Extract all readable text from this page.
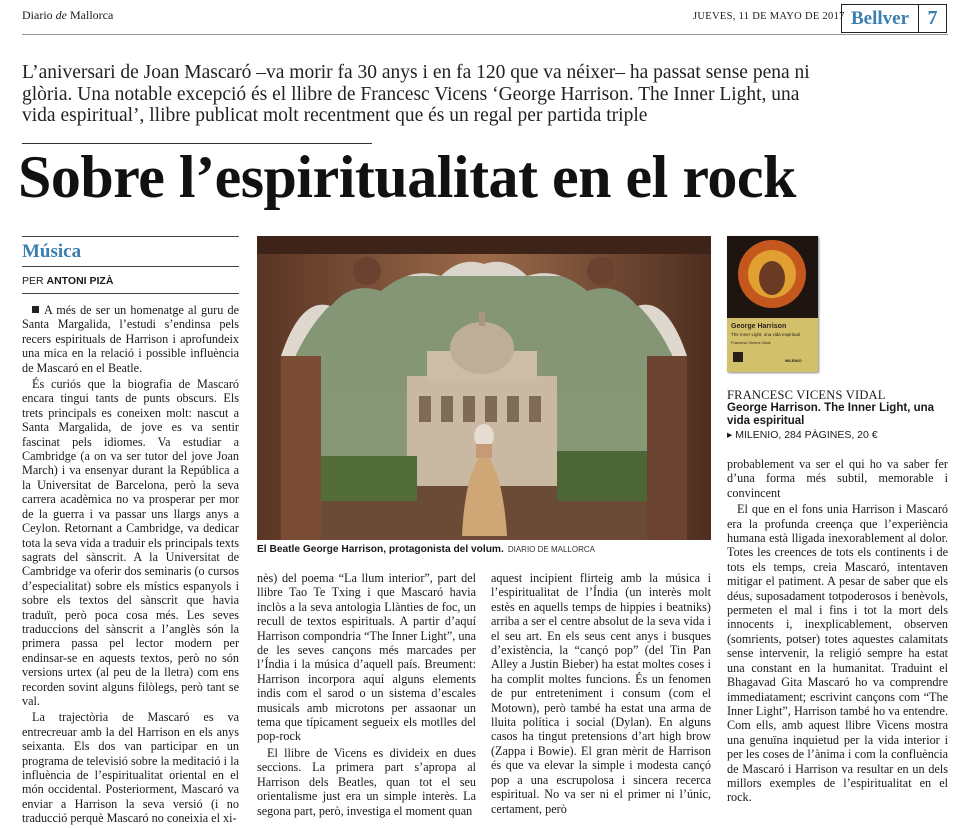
Diario de Mallorca	JUEVES, 11 DE MAYO DE 2017 Bellver 7
L’aniversari de Joan Mascaró –va morir fa 30 anys i en fa 120 que va néixer– ha passat sense pena ni glòria. Una notable excepció és el llibre de Francesc Vicens ‘George Harrison. The Inner Light, una vida espiritual’, llibre publicat molt recentment que és un regal per partida triple
Sobre l’espiritualitat en el rock
Música
PER ANTONI PIZÀ

A més de ser un homenatge al guru de Santa Margalida, l’estudi s’endinsa pels recers espirituals de Harrison i aprofundeix una mica en la relació i possible influència de Mascaró en el Beatle.

És curiós que la biografia de Mascaró encara tingui tants de punts obscurs. Els trets principals es coneixen molt: nascut a Santa Margalida, de jove es va sentir fascinat pels idiomes. Va estudiar a Cambridge (a on va ser tutor del jove Joan March) i va ensenyar durant la República a la Universitat de Barcelona, però la seva carrera acadèmica no va prosperar per mor de la guerra i va passar uns llargs anys a Ceylon. Retornant a Cambridge, va dedicar tota la seva vida a traduir els principals texts sagrats del sànscrit. A la Universitat de Cambridge va oferir dos seminaris (o cursos d’especialitat) sobre els místics espanyols i sobre els textos del sànscrit que havia traduït, però poca cosa més. Les seves traduccions del sànscrit a l’anglès són la primera passa pel lector modern per endinsar-se en aquests textos, però no són versions urtex (al peu de la lletra) com ens recorden sovint alguns filòlegs, però tant se val.

La trajectòria de Mascaró es va entrecreuar amb la del Harrison en els anys seixanta. Els dos van participar en un programa de televisió sobre la meditació i la influència de l’espiritualitat oriental en el món occidental. Posteriorment, Mascaró va enviar a Harrison la seva versió (i no traducció perquè Mascaró no coneixia el xi-

El Beatle George Harrison, protagonista del volum. DIARIO DE MALLORCA

nès) del poema “La llum interior”, part del llibre Tao Te Txing i que Mascaró havia inclòs a la seva antologia Llànties de foc, un recull de textos espirituals. A partir d’aquí Harrison compondria “The Inner Light”, una de les seves cançons més marcades per l’Índia i la música d’aquell país. Breument: Harrison incorpora aquí alguns elements indis com el sarod o un sistema d’escales musicals amb microtons per assaonar un tema que típicament segueix els motlles del pop-rock

El llibre de Vicens es divideix en dues seccions. La primera part s’apropa al Harrison dels Beatles, quan tot el seu orientalisme just era un simple interès. La segona part, però, investiga el moment quan

aquest incipient flirteig amb la música i l’espiritualitat de l’Índia (un interès molt estès en aquells temps de hippies i beatniks) arriba a ser el centre absolut de la seva vida i el seu art. En els seus cent anys i busques d’existència, la “cançó pop” (del Tin Pan Alley a Justin Bieber) ha estat moltes coses i ha complit moltes funcions. És un fenomen de pur entreteniment i consum (com el Motown), però també ha estat una arma de lluita política i social (Dylan). En alguns casos ha tingut pretensions d’art high brow (Zappa i Bowie). El gran mèrit de Harrison és que va elevar la simple i modesta cançó pop a una escrupolosa i sincera recerca espiritual. No va ser ni el primer ni l’únic, certament, però

George Harrison
The Inner Light, una vida espiritual
Francesc Vicens Vidal
MILENIO
FRANCESC VICENS VIDAL
George Harrison. The Inner Light, una vida espiritual
▸ MILENIO, 284 PÀGINES, 20 €

probablement va ser el qui ho va saber fer d’una forma més subtil, memorable i convincent

El que en el fons unia Harrison i Mascaró era la profunda creença que l’experiència humana està lligada inexorablement al dolor. Totes les creences de tots els continents i de tots els temps, creia Mascaró, intentaven mitigar el patiment. A pesar de saber que els déus, suposadament totpoderosos i benèvols, permeten el mal i fins i tot la mort dels innocents i, inexplicablement, observen (somrients, potser) totes aquestes calamitats sense intervenir, la religió sempre ha estat una constant en la humanitat. Traduint el Bhagavad Gita Mascaró ho va comprendre immediatament; escrivint cançons com “The Inner Light”, Harrison també ho va entendre. Com ells, amb aquest llibre Vicens mostra una genuïna inquietud per la vida interior i per les coses de l’ànima i com la confluència de Mascaró i Harrison va resultar en un dels millors exemples de l’espiritualitat en el rock.
